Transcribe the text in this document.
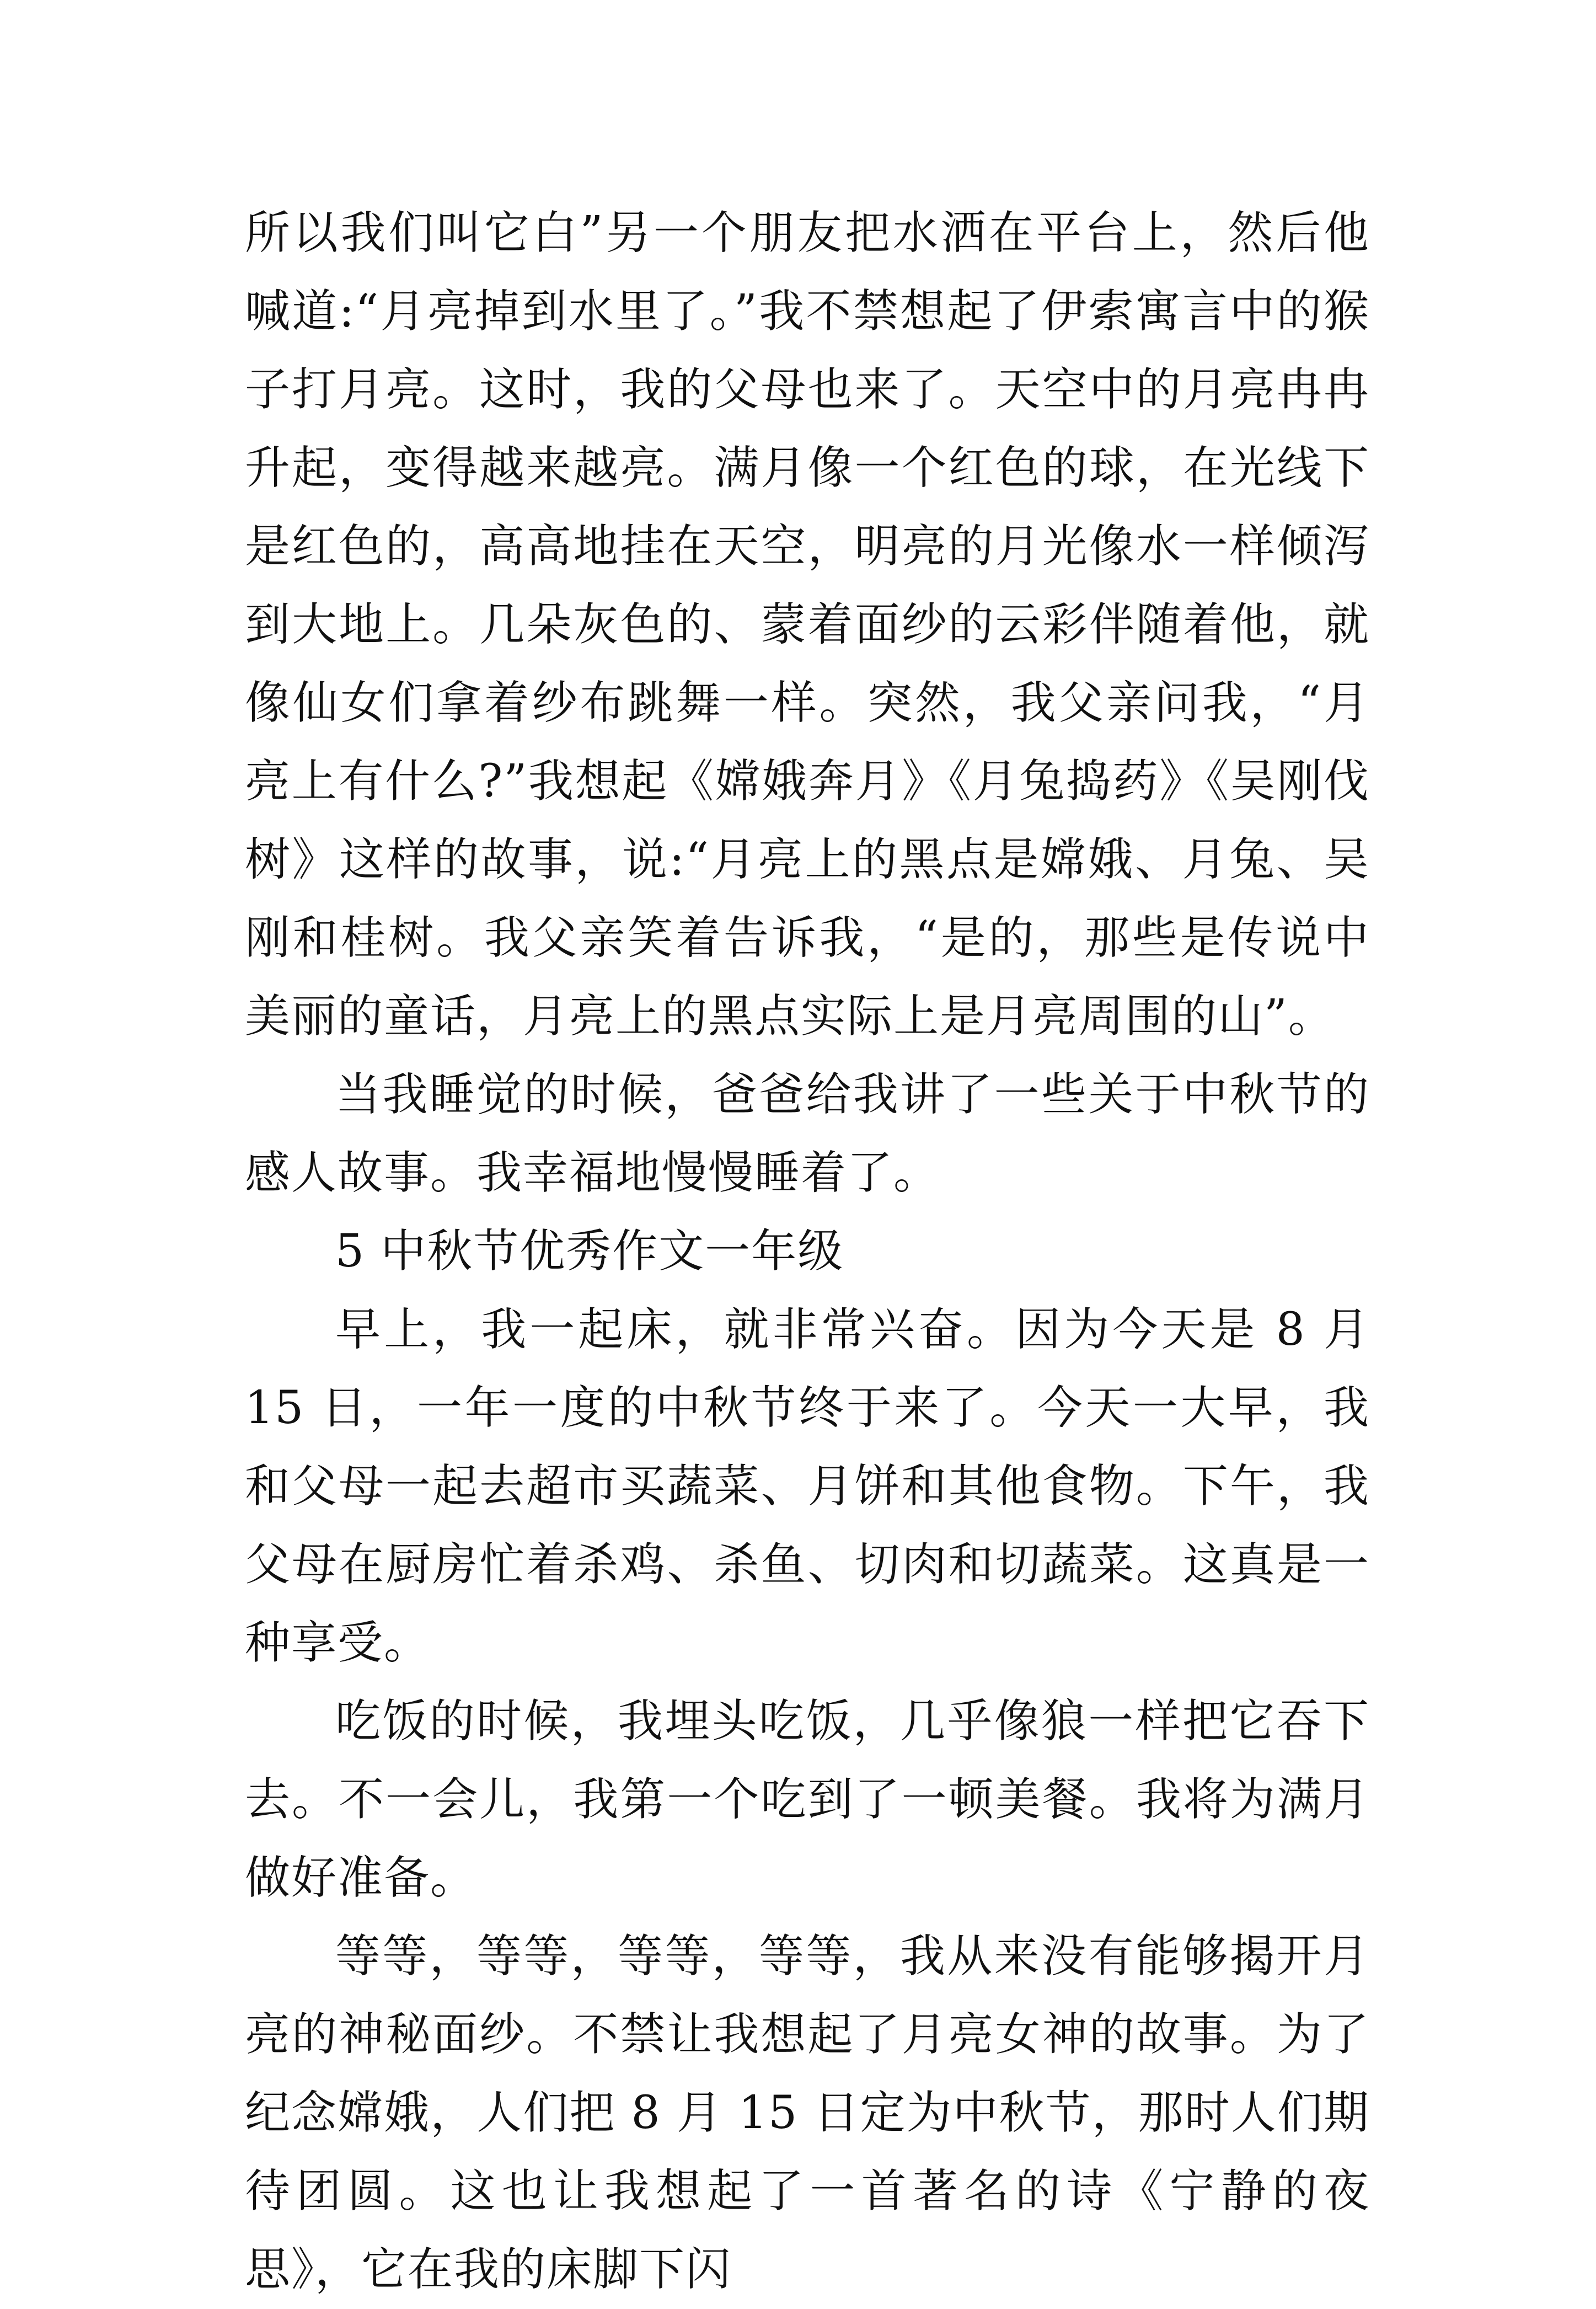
所以我们叫它白”另一个朋友把水洒在平台上，然后他喊道:“月亮掉到水里了。”我不禁想起了伊索寓言中的猴子打月亮。这时，我的父母也来了。天空中的月亮冉冉升起，变得越来越亮。满月像一个红色的球，在光线下是红色的，高高地挂在天空，明亮的月光像水一样倾泻到大地上。几朵灰色的、蒙着面纱的云彩伴随着他，就像仙女们拿着纱布跳舞一样。突然，我父亲问我，“月亮上有什么?”我想起《嫦娥奔月》《月兔捣药》《吴刚伐树》这样的故事，说:“月亮上的黑点是嫦娥、月兔、吴刚和桂树。我父亲笑着告诉我，“是的，那些是传说中美丽的童话，月亮上的黑点实际上是月亮周围的山”。

当我睡觉的时候，爸爸给我讲了一些关于中秋节的感人故事。我幸福地慢慢睡着了。

5 中秋节优秀作文一年级

早上，我一起床，就非常兴奋。因为今天是 8 月 15 日，一年一度的中秋节终于来了。今天一大早，我和父母一起去超市买蔬菜、月饼和其他食物。下午，我父母在厨房忙着杀鸡、杀鱼、切肉和切蔬菜。这真是一种享受。

吃饭的时候，我埋头吃饭，几乎像狼一样把它吞下去。不一会儿，我第一个吃到了一顿美餐。我将为满月做好准备。

等等，等等，等等，等等，我从来没有能够揭开月亮的神秘面纱。不禁让我想起了月亮女神的故事。为了纪念嫦娥，人们把 8 月 15 日定为中秋节，那时人们期待团圆。这也让我想起了一首著名的诗《宁静的夜思》，它在我的床脚下闪
